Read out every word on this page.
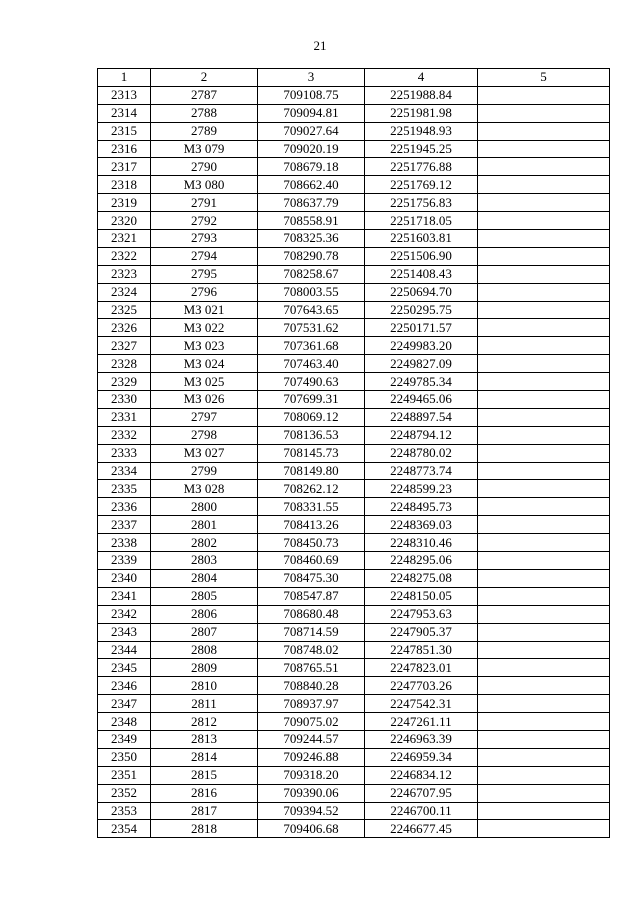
21
1	2	3	4	5
2313	2787	709108.75	2251988.84	
2314	2788	709094.81	2251981.98	
2315	2789	709027.64	2251948.93	
2316	МЗ 079	709020.19	2251945.25	
2317	2790	708679.18	2251776.88	
2318	МЗ 080	708662.40	2251769.12	
2319	2791	708637.79	2251756.83	
2320	2792	708558.91	2251718.05	
2321	2793	708325.36	2251603.81	
2322	2794	708290.78	2251506.90	
2323	2795	708258.67	2251408.43	
2324	2796	708003.55	2250694.70	
2325	МЗ 021	707643.65	2250295.75	
2326	МЗ 022	707531.62	2250171.57	
2327	МЗ 023	707361.68	2249983.20	
2328	МЗ 024	707463.40	2249827.09	
2329	МЗ 025	707490.63	2249785.34	
2330	МЗ 026	707699.31	2249465.06	
2331	2797	708069.12	2248897.54	
2332	2798	708136.53	2248794.12	
2333	МЗ 027	708145.73	2248780.02	
2334	2799	708149.80	2248773.74	
2335	МЗ 028	708262.12	2248599.23	
2336	2800	708331.55	2248495.73	
2337	2801	708413.26	2248369.03	
2338	2802	708450.73	2248310.46	
2339	2803	708460.69	2248295.06	
2340	2804	708475.30	2248275.08	
2341	2805	708547.87	2248150.05	
2342	2806	708680.48	2247953.63	
2343	2807	708714.59	2247905.37	
2344	2808	708748.02	2247851.30	
2345	2809	708765.51	2247823.01	
2346	2810	708840.28	2247703.26	
2347	2811	708937.97	2247542.31	
2348	2812	709075.02	2247261.11	
2349	2813	709244.57	2246963.39	
2350	2814	709246.88	2246959.34	
2351	2815	709318.20	2246834.12	
2352	2816	709390.06	2246707.95	
2353	2817	709394.52	2246700.11	
2354	2818	709406.68	2246677.45	
